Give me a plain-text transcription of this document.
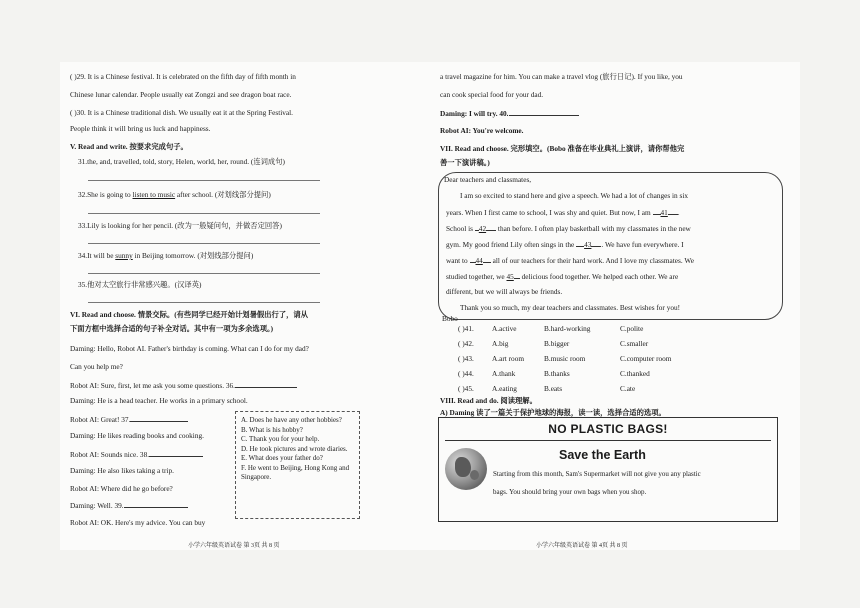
( )29. It is a Chinese festival. It is celebrated on the fifth day of fifth month in
Chinese lunar calendar. People usually eat Zongzi and see dragon boat race.
( )30. It is a Chinese traditional dish. We usually eat it at the Spring Festival.
People think it will bring us luck and happiness.
V. Read and write. 按要求完成句子。
31.the, and, travelled, told, story, Helen, world, her, round. (连词成句)
32.She is going to listen to music after school. (对划线部分提问)
33.Lily is looking for her pencil. (改为一般疑问句，并做否定回答)
34.It will be sunny in Beijing tomorrow. (对划线部分提问)
35.他对太空旅行非常感兴趣。(汉译英)
VI. Read and choose. 情景交际。(有些同学已经开始计划暑假出行了，请从
下面方框中选择合适的句子补全对话。其中有一项为多余选项。)
Daming: Hello, Robot AI. Father's birthday is coming. What can I do for my dad?
Can you help me?
Robot AI: Sure, first, let me ask you some questions. 36.
Daming: He is a head teacher. He works in a primary school.
Robot AI: Great! 37.
Daming: He likes reading books and cooking.
Robot AI: Sounds nice. 38.
Daming: He also likes taking a trip.
Robot AI: Where did he go before?
Daming: Well. 39.
Robot AI: OK. Here's my advice. You can buy
A. Does he have any other hobbies?
B. What is his hobby?
C. Thank you for your help.
D. He took pictures and wrote diaries.
E. What does your father do?
F. He went to Beijing, Hong Kong and Singapore.
小学六年级英语试卷 第 3页 共 8 页
a travel magazine for him. You can make a travel vlog (旅行日记). If you like, you
can cook special food for your dad.
Daming: I will try. 40.
Robot AI: You're welcome.
VII. Read and choose. 完形填空。(Bobo 准备在毕业典礼上演讲，请你帮他完
善一下演讲稿。)
Dear teachers and classmates,
I am so excited to stand here and give a speech. We had a lot of changes in six
years. When I first came to school, I was shy and quiet. But now, I am 41 .
School is 42 than before. I often play basketball with my classmates in the new
gym. My good friend Lily often sings in the 43 . We have fun everywhere. I
want to 44 all of our teachers for their hard work. And I love my classmates. We
studied together, we 45 delicious food together. We helped each other. We are
different, but we will always be friends.
Thank you so much, my dear teachers and classmates. Best wishes for you!
Bobo
( )41. A.active	B.hard-working	C.polite
( )42. A.big	B.bigger	C.smaller
( )43. A.art room	B.music room	C.computer room
( )44. A.thank	B.thanks	C.thanked
( )45. A.eating	B.eats	C.ate
VIII. Read and do. 阅读理解。
A) Daming 读了一篇关于保护地球的海报，读一读，选择合适的选项。
NO PLASTIC BAGS!
Save the Earth
Starting from this month, Sam's Supermarket will not give you any plastic
bags. You should bring your own bags when you shop.
小学六年级英语试卷 第 4页 共 8 页
